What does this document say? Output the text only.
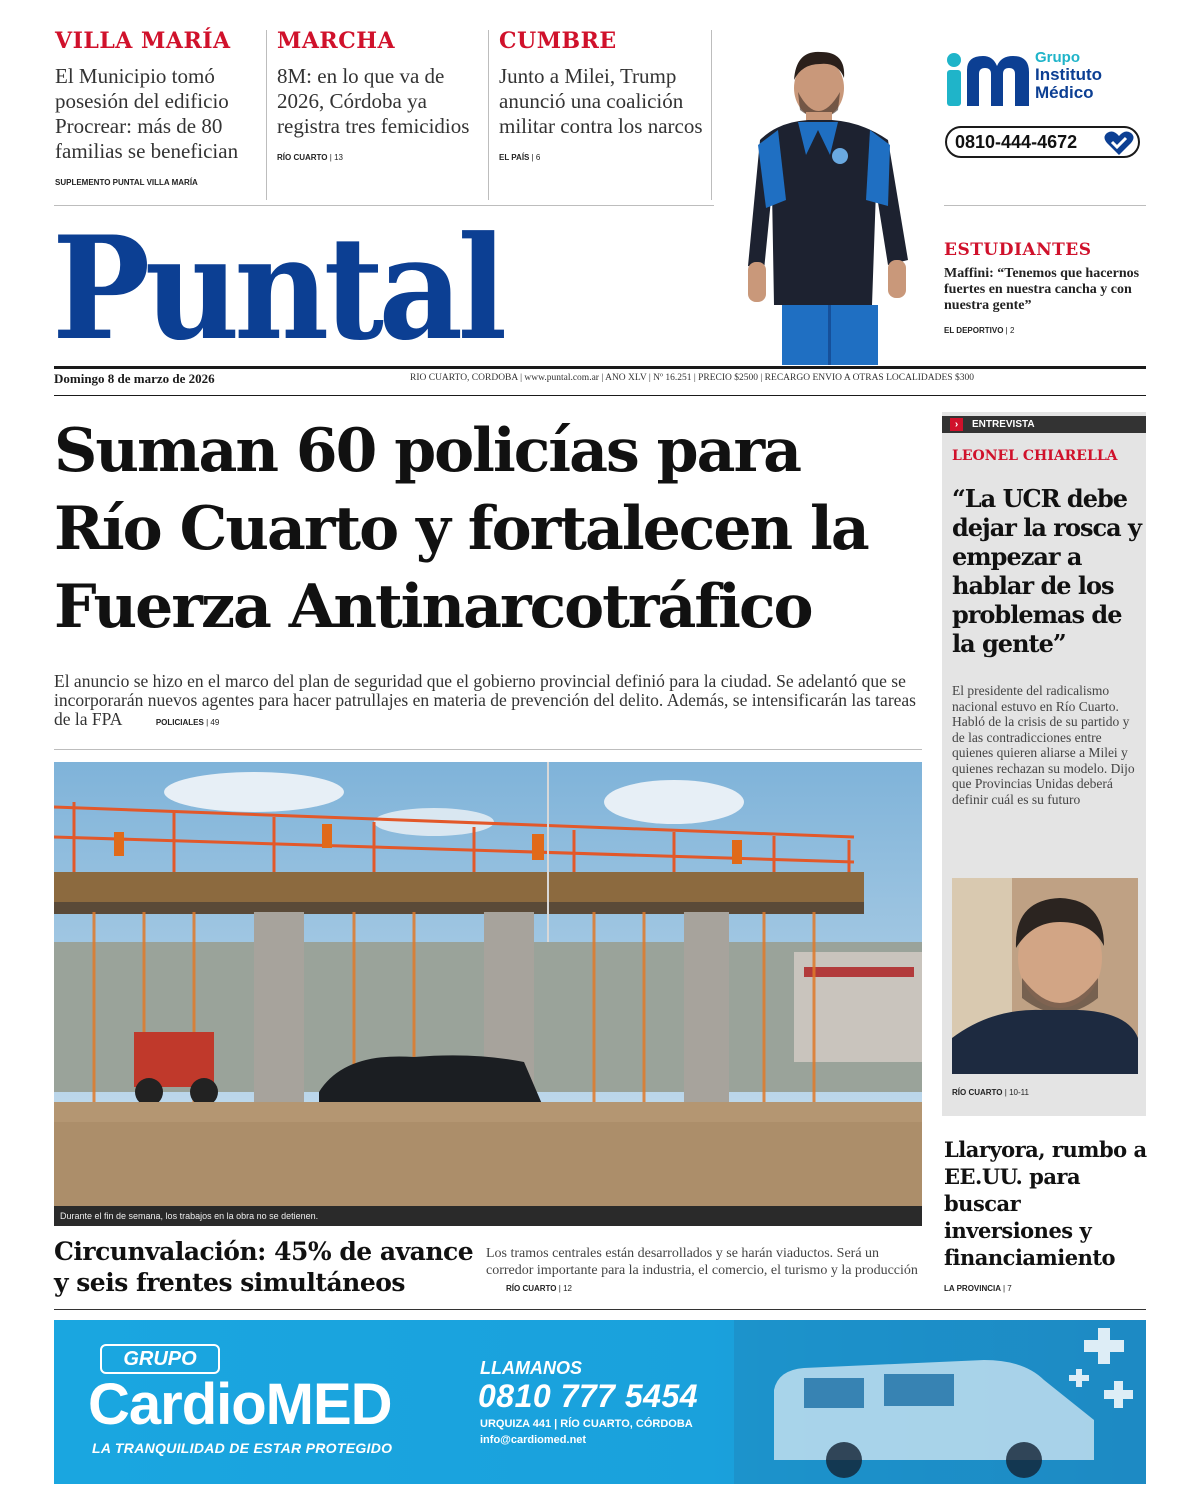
VILLA MARÍA
El Municipio tomó posesión del edificio Procrear: más de 80 familias se benefician
SUPLEMENTO PUNTAL VILLA MARÍA
MARCHA
8M: en lo que va de 2026, Córdoba ya registra tres femicidios
RÍO CUARTO | 13
CUMBRE
Junto a Milei, Trump anunció una coalición militar contra los narcos
EL PAÍS | 6
Grupo
Instituto
Médico
0810-444-4672
Puntal	ESTUDIANTES
Maffini: “Tenemos que hacernos fuertes en nuestra cancha y con nuestra gente”
EL DEPORTIVO | 2
Domingo 8 de marzo de 2026	RÍO CUARTO, CÓRDOBA | www.puntal.com.ar | AÑO XLV | Nº 16.251 | PRECIO $2500 | RECARGO ENVÍO A OTRAS LOCALIDADES $300
Suman 60 policías para Río Cuarto y fortalecen la Fuerza Antinarcotráfico
El anuncio se hizo en el marco del plan de seguridad que el gobierno provincial definió para la ciudad. Se adelantó que se incorporarán nuevos agentes para hacer patrullajes en materia de prevención del delito. Además, se intensificarán las tareas de la FPA	POLICIALES | 49
Durante el fin de semana, los trabajos en la obra no se detienen.
Circunvalación: 45% de avance y seis frentes simultáneos
Los tramos centrales están desarrollados y se harán viaductos. Será un corredor importante para la industria, el comercio, el turismo y la producción RÍO CUARTO | 12
›	ENTREVISTA
LEONEL CHIARELLA
“La UCR debe dejar la rosca y empezar a hablar de los problemas de la gente”
El presidente del radicalismo nacional estuvo en Río Cuarto. Habló de la crisis de su partido y de las contradicciones entre quienes quieren aliarse a Milei y quienes rechazan su modelo. Dijo que Provincias Unidas deberá definir cuál es su futuro
RÍO CUARTO | 10-11
Llaryora, rumbo a EE.UU. para buscar inversiones y financiamiento
LA PROVINCIA | 7
GRUPO
CardioMED
LA TRANQUILIDAD DE ESTAR PROTEGIDO
LLAMANOS
0810 777 5454
URQUIZA 441 | RÍO CUARTO, CÓRDOBA
info@cardiomed.net
